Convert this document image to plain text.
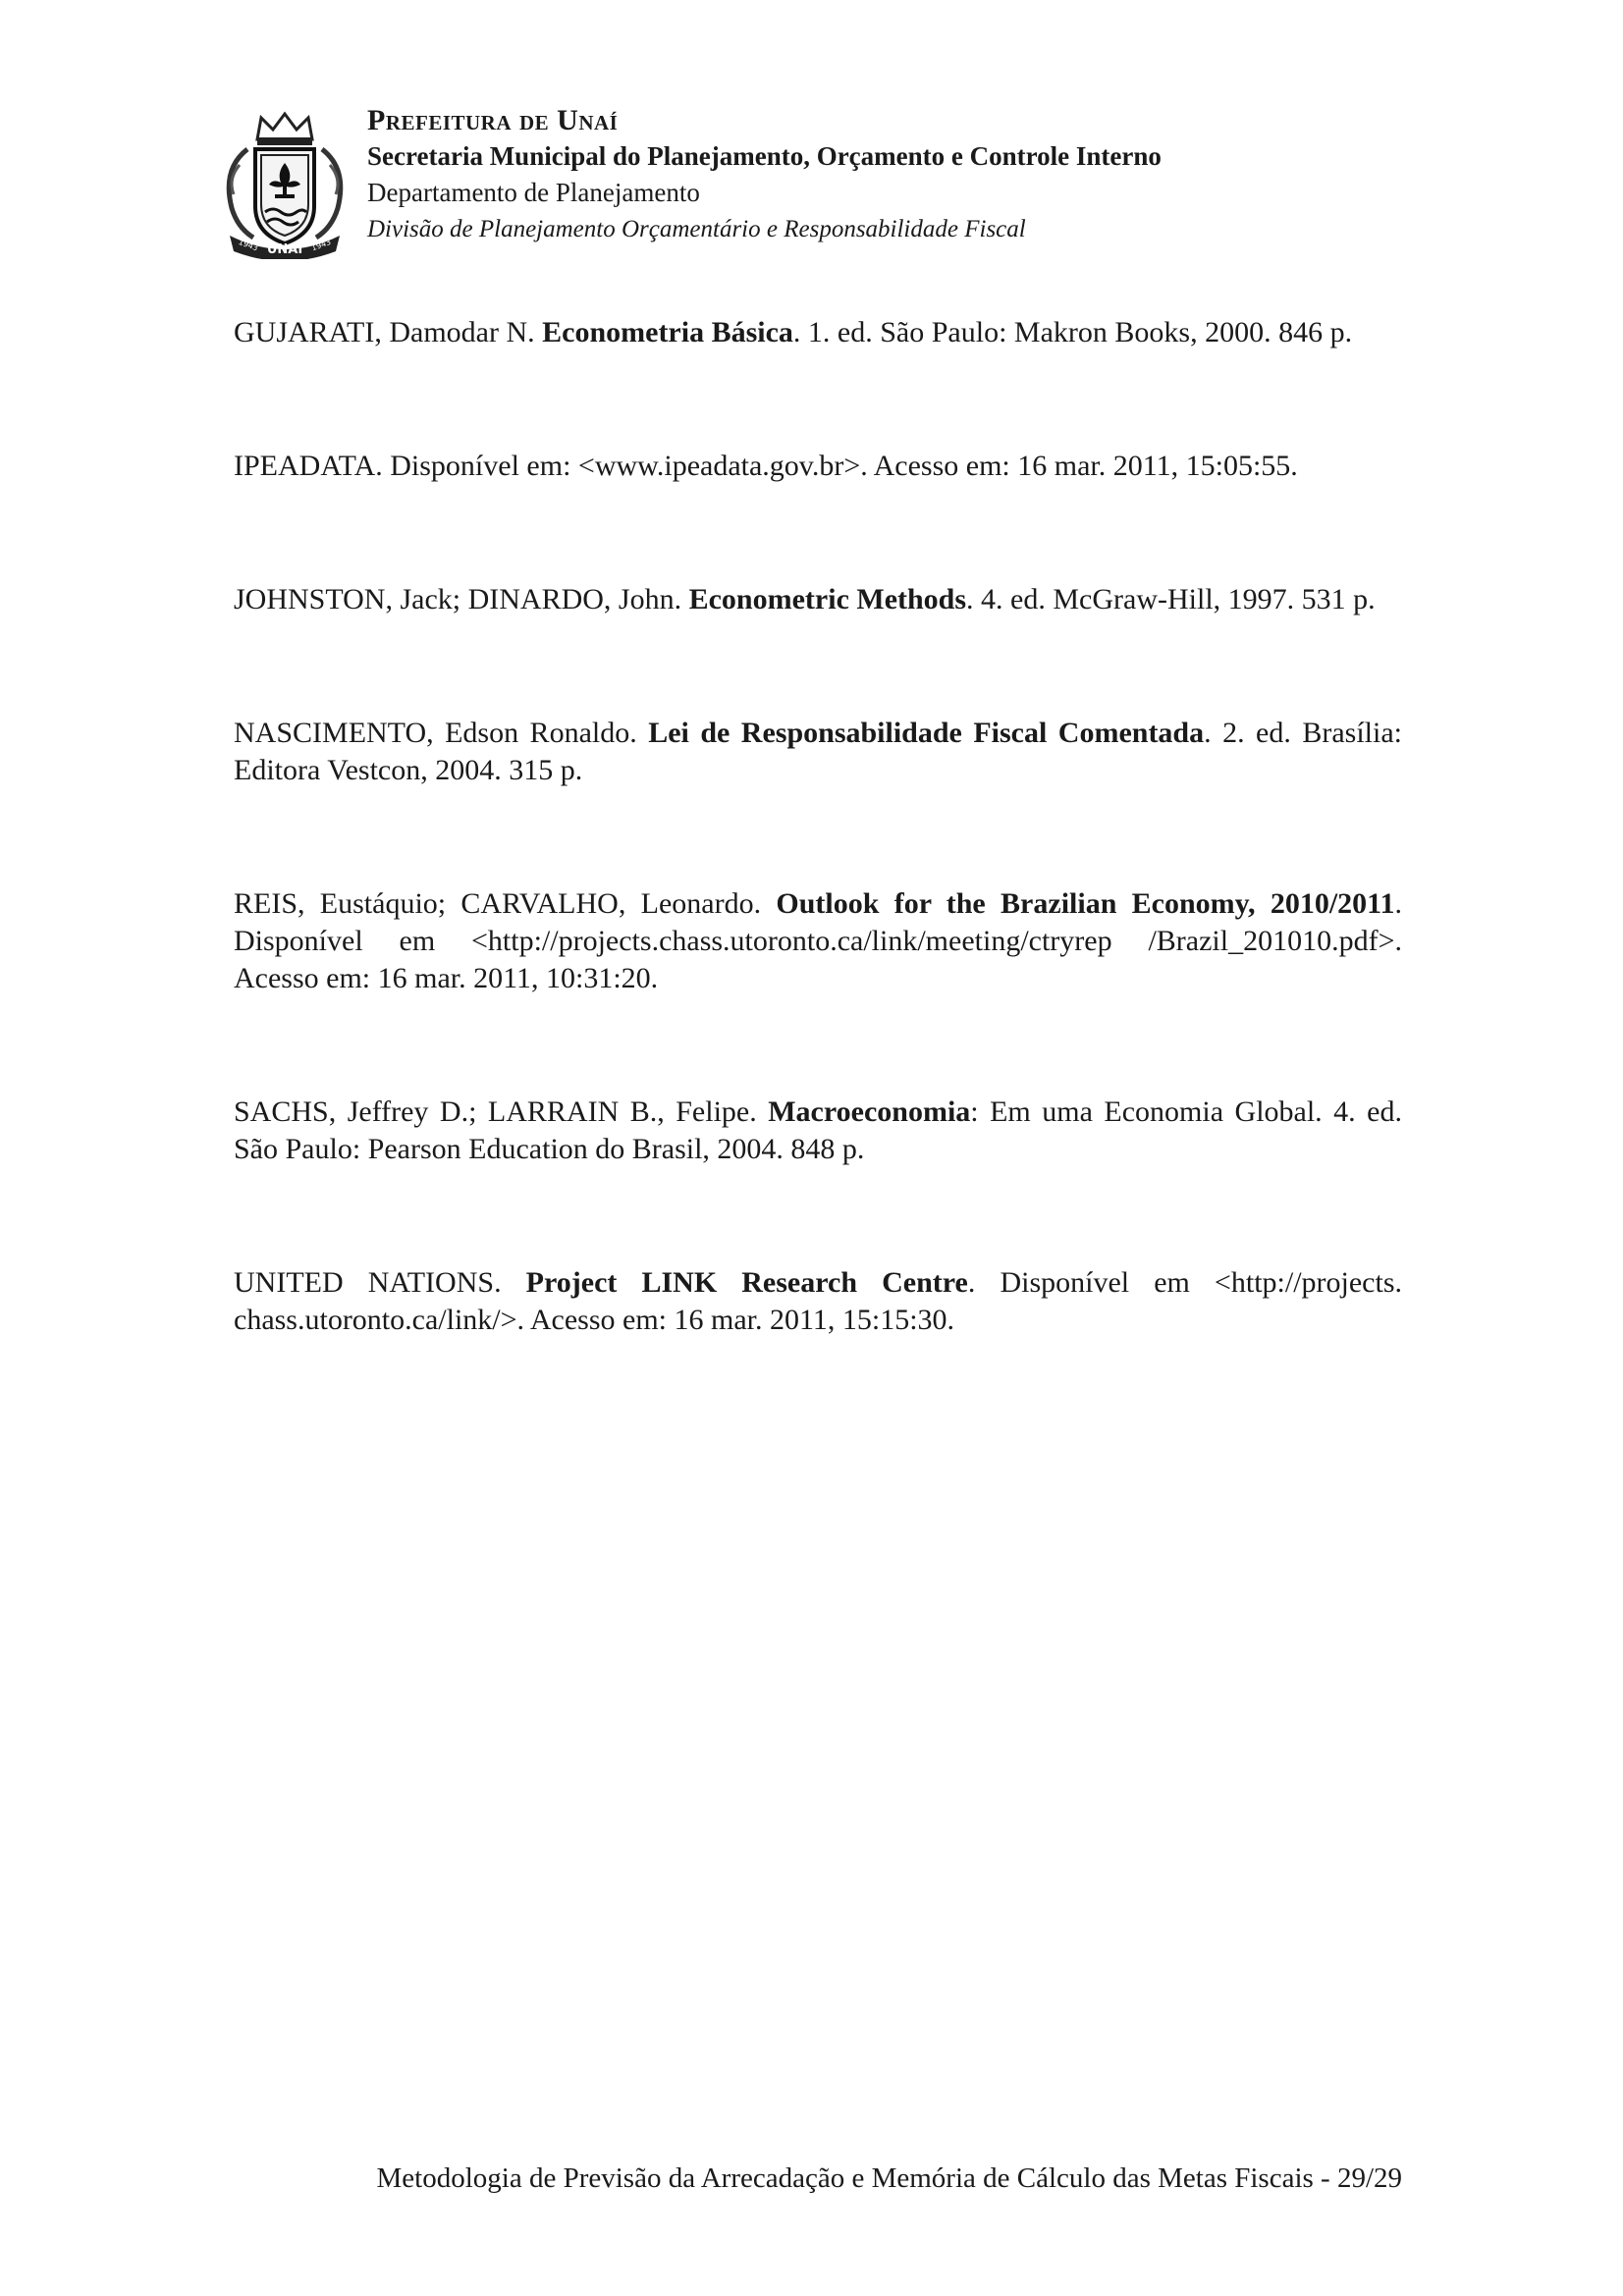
UNAÍ
1943	1943
Prefeitura de Unaí
Secretaria Municipal do Planejamento, Orçamento e Controle Interno
Departamento de Planejamento
Divisão de Planejamento Orçamentário e Responsabilidade Fiscal

GUJARATI, Damodar N. Econometria Básica. 1. ed. São Paulo: Makron Books, 2000. 846 p.

IPEADATA. Disponível em: <www.ipeadata.gov.br>. Acesso em: 16 mar. 2011, 15:05:55.

JOHNSTON, Jack; DINARDO, John. Econometric Methods. 4. ed. McGraw-Hill, 1997. 531 p.

NASCIMENTO, Edson Ronaldo. Lei de Responsabilidade Fiscal Comentada. 2. ed. Brasília: Editora Vestcon, 2004. 315 p.

REIS, Eustáquio; CARVALHO, Leonardo. Outlook for the Brazilian Economy, 2010/2011. Disponível em <http://projects.chass.utoronto.ca/link/meeting/ctryrep /Brazil_201010.pdf>. Acesso em: 16 mar. 2011, 10:31:20.

SACHS, Jeffrey D.; LARRAIN B., Felipe. Macroeconomia: Em uma Economia Global. 4. ed. São Paulo: Pearson Education do Brasil, 2004. 848 p.

UNITED NATIONS. Project LINK Research Centre. Disponível em <http://projects. chass.utoronto.ca/link/>. Acesso em: 16 mar. 2011, 15:15:30.

Metodologia de Previsão da Arrecadação e Memória de Cálculo das Metas Fiscais - 29/29
